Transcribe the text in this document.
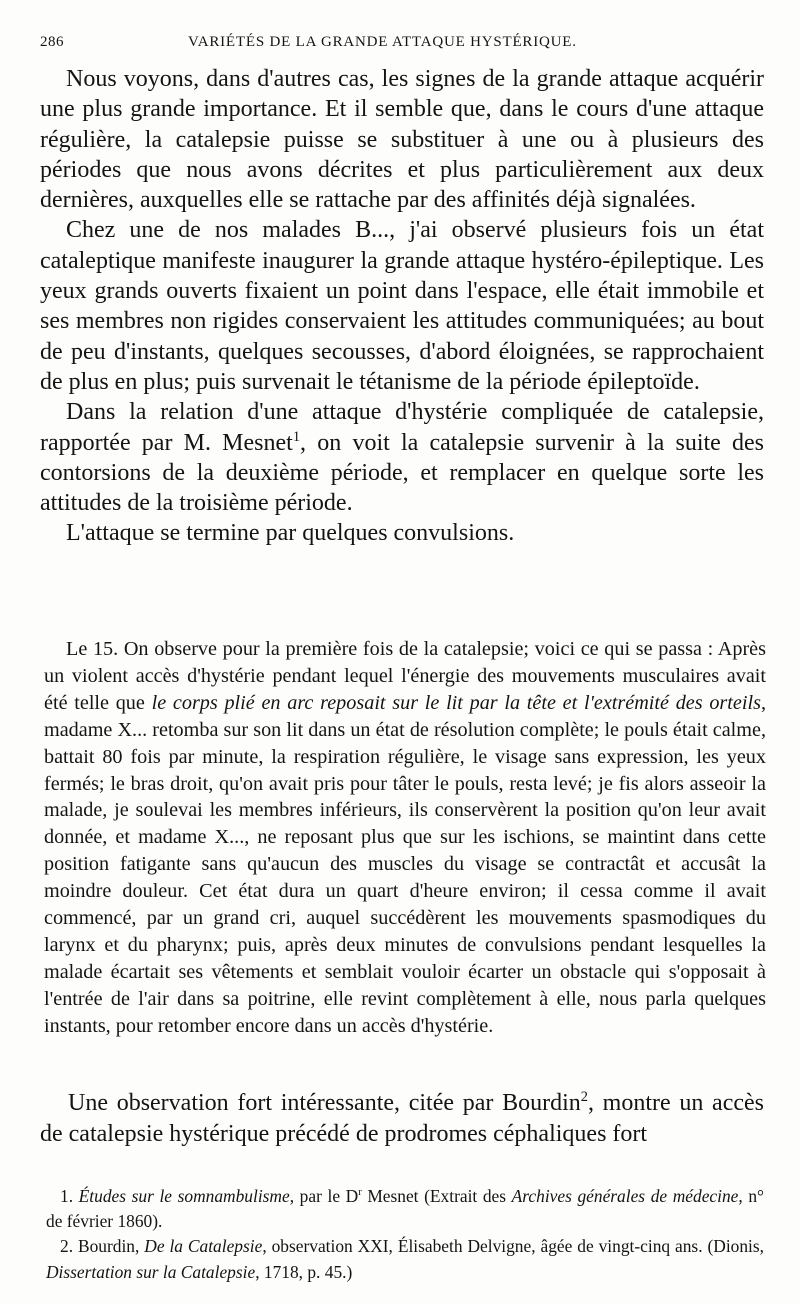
286	VARIÉTÉS DE LA GRANDE ATTAQUE HYSTÉRIQUE.

Nous voyons, dans d'autres cas, les signes de la grande attaque acquérir une plus grande importance. Et il semble que, dans le cours d'une attaque régulière, la catalepsie puisse se substituer à une ou à plusieurs des périodes que nous avons décrites et plus particulièrement aux deux dernières, auxquelles elle se rattache par des affinités déjà signalées.

Chez une de nos malades B..., j'ai observé plusieurs fois un état cataleptique manifeste inaugurer la grande attaque hystéro-épileptique. Les yeux grands ouverts fixaient un point dans l'espace, elle était immobile et ses membres non rigides conservaient les attitudes communiquées; au bout de peu d'instants, quelques secousses, d'abord éloignées, se rapprochaient de plus en plus; puis survenait le tétanisme de la période épileptoïde.

Dans la relation d'une attaque d'hystérie compliquée de catalepsie, rapportée par M. Mesnet$^1$, on voit la catalepsie survenir à la suite des contorsions de la deuxième période, et remplacer en quelque sorte les attitudes de la troisième période.

L'attaque se termine par quelques convulsions.

Le 15. On observe pour la première fois de la catalepsie; voici ce qui se passa : Après un violent accès d'hystérie pendant lequel l'énergie des mouvements musculaires avait été telle que le corps plié en arc reposait sur le lit par la tête et l'extrémité des orteils, madame X... retomba sur son lit dans un état de résolution complète; le pouls était calme, battait 80 fois par minute, la respiration régulière, le visage sans expression, les yeux fermés; le bras droit, qu'on avait pris pour tâter le pouls, resta levé; je fis alors asseoir la malade, je soulevai les membres inférieurs, ils conservèrent la position qu'on leur avait donnée, et madame X..., ne reposant plus que sur les ischions, se maintint dans cette position fatigante sans qu'aucun des muscles du visage se contractât et accusât la moindre douleur. Cet état dura un quart d'heure environ; il cessa comme il avait commencé, par un grand cri, auquel succédèrent les mouvements spasmodiques du larynx et du pharynx; puis, après deux minutes de convulsions pendant lesquelles la malade écartait ses vêtements et semblait vouloir écarter un obstacle qui s'opposait à l'entrée de l'air dans sa poitrine, elle revint complètement à elle, nous parla quelques instants, pour retomber encore dans un accès d'hystérie.

Une observation fort intéressante, citée par Bourdin$^2$, montre un accès de catalepsie hystérique précédé de prodromes céphaliques fort

1. Études sur le somnambulisme, par le $D^r$ Mesnet (Extrait des Archives générales de médecine, n° de février 1860).

2. Bourdin, De la Catalepsie, observation XXI, Élisabeth Delvigne, âgée de vingt-cinq ans. (Dionis, Dissertation sur la Catalepsie, 1718, p. 45.)
